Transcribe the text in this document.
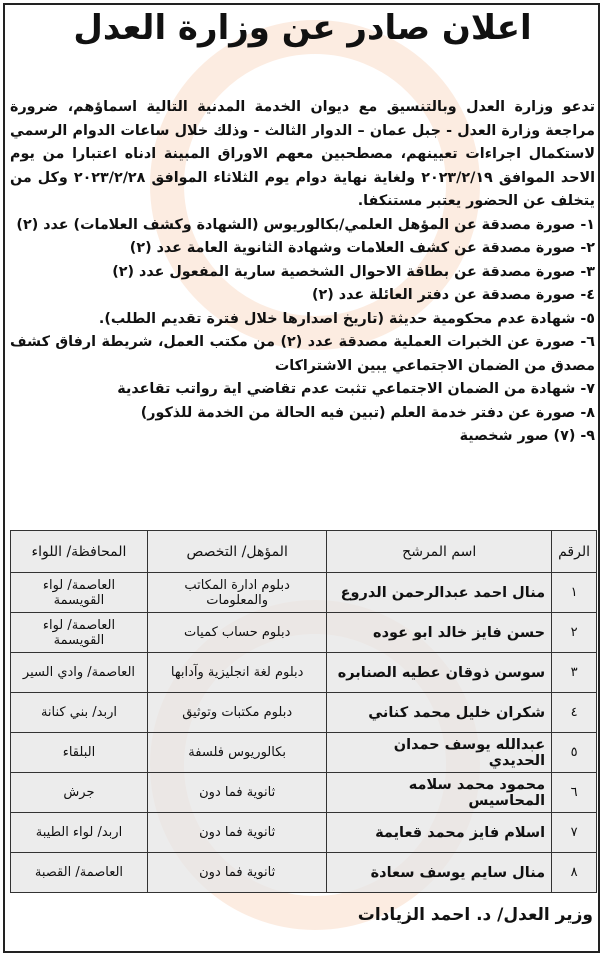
اعلان صادر عن وزارة العدل
تدعو وزارة العدل وبالتنسيق مع ديوان الخدمة المدنية التالية اسماؤهم، ضرورة مراجعة وزارة العدل - جبل عمان – الدوار الثالث - وذلك خلال ساعات الدوام الرسمي لاستكمال اجراءات تعيينهم، مصطحبين معهم الاوراق المبينة ادناه اعتبارا من يوم الاحد الموافق ٢٠٢٣/٢/١٩ ولغاية نهاية دوام يوم الثلاثاء الموافق ٢٠٢٣/٢/٢٨ وكل من يتخلف عن الحضور يعتبر مستنكفا.
١- صورة مصدقة عن المؤهل العلمي/بكالوريوس (الشهادة وكشف العلامات) عدد (٢)
٢- صورة مصدقة عن كشف العلامات وشهادة الثانوية العامة عدد (٢)
٣- صورة مصدقة عن بطاقة الاحوال الشخصية سارية المفعول عدد (٢)
٤- صورة مصدقة عن دفتر العائلة عدد (٢)
٥- شهادة عدم محكومية حديثة (تاريخ اصدارها خلال فترة تقديم الطلب).
٦- صورة عن الخبرات العملية مصدقة عدد (٢) من مكتب العمل، شريطة ارفاق كشف مصدق من الضمان الاجتماعي يبين الاشتراكات
٧- شهادة من الضمان الاجتماعي تثبت عدم تقاضي اية رواتب تقاعدية
٨- صورة عن دفتر خدمة العلم (تبين فيه الحالة من الخدمة للذكور)
٩- (٧) صور شخصية
الرقم	اسم المرشح	المؤهل/ التخصص	المحافظة/ اللواء
١	منال احمد عبدالرحمن الدروع	دبلوم ادارة المكاتب والمعلومات	العاصمة/ لواء القويسمة
٢	حسن فايز خالد ابو عوده	دبلوم حساب كميات	العاصمة/ لواء القويسمة
٣	سوسن ذوقان عطيه الصنابره	دبلوم لغة انجليزية وآدابها	العاصمة/ وادي السير
٤	شكران خليل محمد كناني	دبلوم مكتبات وتوثيق	اربد/ بني كنانة
٥	عبدالله يوسف حمدان الحديدي	بكالوريوس فلسفة	البلقاء
٦	محمود محمد سلامه المحاسيس	ثانوية فما دون	جرش
٧	اسلام فايز محمد قعايمة	ثانوية فما دون	اربد/ لواء الطيبة
٨	منال سايم يوسف سعادة	ثانوية فما دون	العاصمة/ القصبة
وزير العدل/ د. احمد الزيادات
